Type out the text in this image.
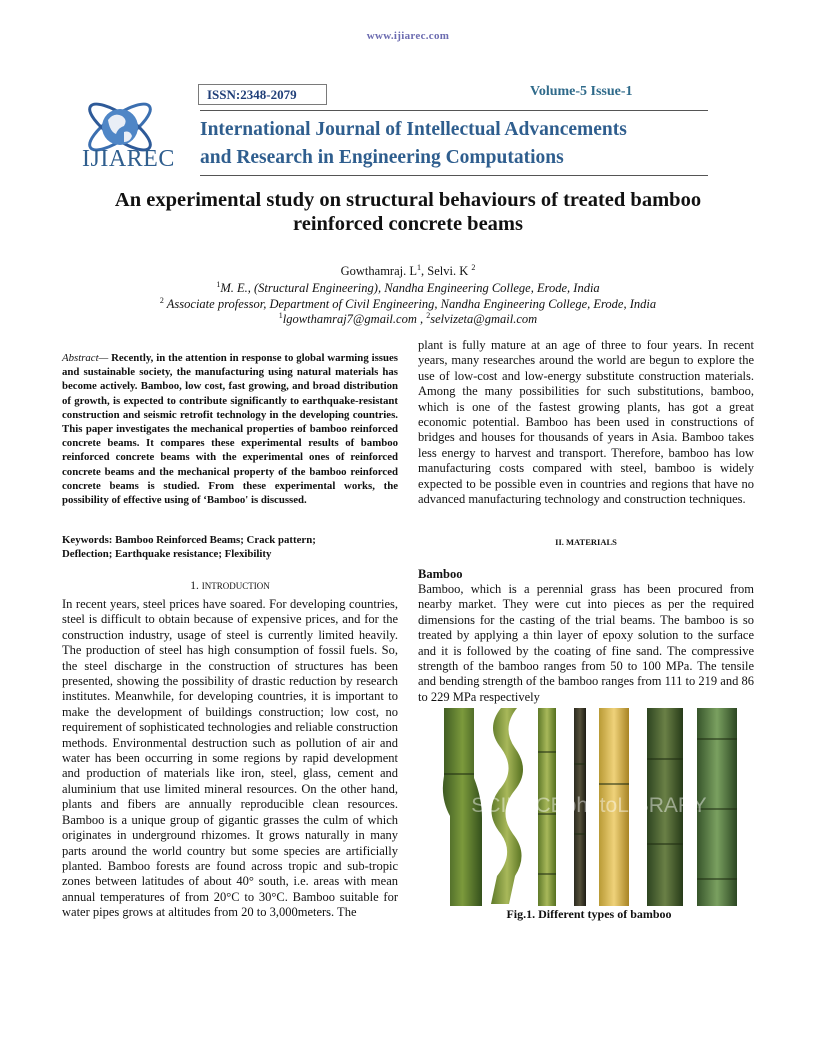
www.ijiarec.com
ISSN:2348-2079	Volume-5 Issue-1
IJIAREC
International Journal of Intellectual Advancements
and Research in Engineering Computations
An experimental study on structural behaviours of treated bamboo
reinforced concrete beams
Gowthamraj. $L^1$, Selvi. K $^2$
$^1$M. E., (Structural Engineering), Nandha Engineering College, Erode, India
$^2$ Associate professor, Department of Civil Engineering, Nandha Engineering College, Erode, India
$^1$lgowthamraj7@gmail.com , $^2$selvizeta@gmail.com
Abstract— Recently, in the attention in response to global warming issues and sustainable society, the manufacturing using natural materials has become actively. Bamboo, low cost, fast growing, and broad distribution of growth, is expected to contribute significantly to earthquake-resistant construction and seismic retrofit technology in the developing countries. This paper investigates the mechanical properties of bamboo reinforced concrete beams. It compares these experimental results of bamboo reinforced concrete beams with the experimental ones of reinforced concrete beams and the mechanical property of the bamboo reinforced concrete beams is studied. From these experimental works, the possibility of effective using of ‘Bamboo' is discussed.
Keywords: Bamboo Reinforced Beams; Crack pattern;
Deflection; Earthquake resistance; Flexibility
1. INTRODUCTION
In recent years, steel prices have soared. For developing countries, steel is difficult to obtain because of expensive prices, and for the construction industry, usage of steel is currently limited heavily. The production of steel has high consumption of fossil fuels. So, the steel discharge in the construction of structures has been presented, showing the possibility of drastic reduction by research institutes. Meanwhile, for developing countries, it is important to make the development of buildings construction; low cost, no requirement of sophisticated technologies and reliable construction methods. Environmental destruction such as pollution of air and water has been occurring in some regions by rapid development and production of materials like iron, steel, glass, cement and aluminium that use limited mineral resources. On the other hand, plants and fibers are annually reproducible clean resources. Bamboo is a unique group of gigantic grasses the culm of which originates in underground rhizomes. It grows naturally in many parts around the world country but some species are artificially planted. Bamboo forests are found across tropic and sub-tropic zones between latitudes of about 40° south, i.e. areas with mean annual temperatures of from 20°C to 30°C. Bamboo suitable for water pipes grows at altitudes from 20 to 3,000meters. The
plant is fully mature at an age of three to four years. In recent years, many researches around the world are begun to explore the use of low-cost and low-energy substitute construction materials. Among the many possibilities for such substitutions, bamboo, which is one of the fastest growing plants, has got a great economic potential. Bamboo has been used in constructions of bridges and houses for thousands of years in Asia. Bamboo takes less energy to harvest and transport. Therefore, bamboo has low manufacturing costs compared with steel, bamboo is widely expected to be possible even in countries and regions that have no advanced manufacturing technology and construction techniques.
II. MATERIALS
Bamboo
Bamboo, which is a perennial grass has been procured from nearby market. They were cut into pieces as per the required dimensions for the casting of the trial beams. The bamboo is so treated by applying a thin layer of epoxy solution to the surface and it is followed by the coating of fine sand. The compressive strength of the bamboo ranges from 50 to 100 MPa. The tensile and bending strength of the bamboo ranges from 111 to 219 and 86 to 229 MPa respectively
SCIENCEphotoLIBRARY
Fig.1. Different types of bamboo
